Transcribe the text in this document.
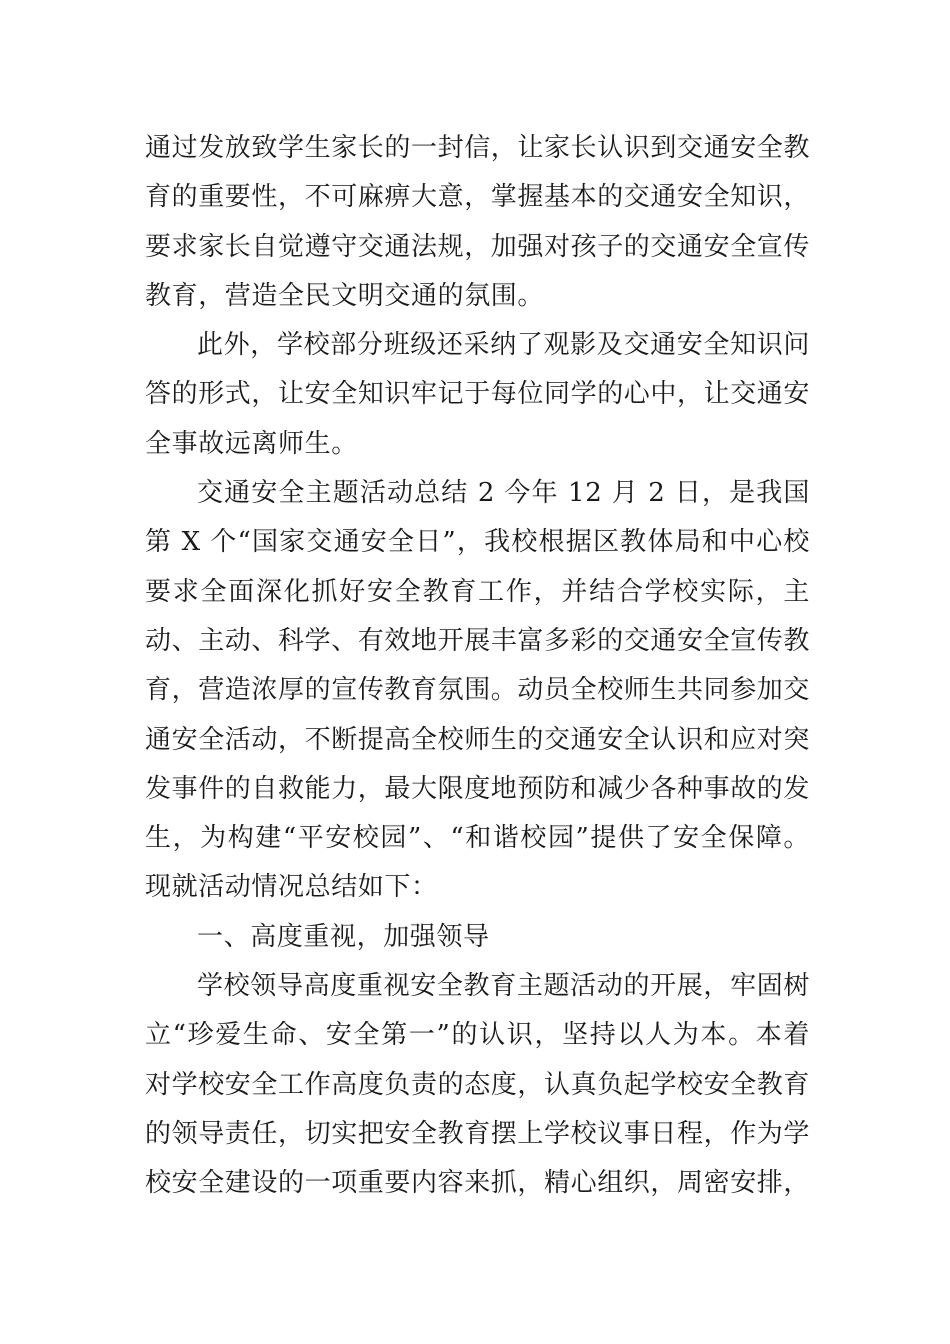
通过发放致学生家长的一封信，让家长认识到交通安全教育的重要性，不可麻痹大意，掌握基本的交通安全知识，要求家长自觉遵守交通法规，加强对孩子的交通安全宣传教育，营造全民文明交通的氛围。

此外，学校部分班级还采纳了观影及交通安全知识问答的形式，让安全知识牢记于每位同学的心中，让交通安全事故远离师生。

交通安全主题活动总结 2 今年 12 月 2 日，是我国第 X 个“国家交通安全日”，我校根据区教体局和中心校要求全面深化抓好安全教育工作，并结合学校实际，主动、主动、科学、有效地开展丰富多彩的交通安全宣传教育，营造浓厚的宣传教育氛围。动员全校师生共同参加交通安全活动，不断提高全校师生的交通安全认识和应对突发事件的自救能力，最大限度地预防和减少各种事故的发生，为构建“平安校园”、“和谐校园”提供了安全保障。现就活动情况总结如下：

一、高度重视，加强领导

学校领导高度重视安全教育主题活动的开展，牢固树立“珍爱生命、安全第一”的认识，坚持以人为本。本着对学校安全工作高度负责的态度，认真负起学校安全教育的领导责任，切实把安全教育摆上学校议事日程，作为学校安全建设的一项重要内容来抓，精心组织，周密安排，
